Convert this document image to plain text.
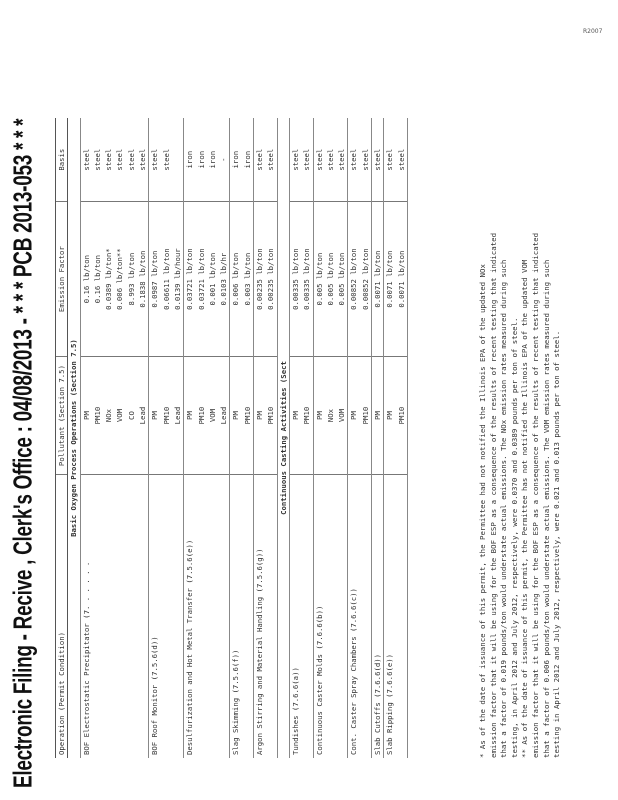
R2007
Electronic Filing - Recive , Clerk's Office : 04/08/2013 - * * * PCB 2013-053 * * *	Operation (Permit Condition)	Pollutant (Section 7.5)	Emission Factor	Basis
Basic Oxygen Process Operations (Section 7.5)			
BOF Electrostatic Precipitator (7. . . . . .	PM	0.16 lb/ton	steel
	PM10	0.16 lb/ton	steel
	NOx	0.0389 lb/ton*	steel
	VOM	0.006 lb/ton**	steel
	CO	8.993 lb/ton	steel
	Lead	0.1838 lb/ton	steel
BOF Roof Monitor (7.5.6(d))	PM	0.0987 lb/ton	steel
	PM10	0.06611 lb/ton	steel
	Lead	0.0139 lb/hour	
Desulfurization and Hot Metal Transfer (7.5.6(e))	PM	0.03721 lb/ton	iron
	PM10	0.03721 lb/ton	iron
	VOM	0.001 lb/ton	iron
	Lead	0.0103 lb/hr	-
Slag Skimming (7.5.6(f))	PM	0.006 lb/ton	iron
	PM10	0.003 lb/ton	iron
Argon Stirring and Material Handling (7.5.6(g))	PM	0.00235 lb/ton	steel
	PM10	0.00235 lb/ton	steel
Continuous Casting Activities (Sect			
Tundishes (7.6.6(a))	PM	0.00335 lb/ton	steel
	PM10	0.00335 lb/ton	steel
Continuous Caster Molds (7.6.6(b))	PM	0.005 lb/ton	steel
	NOx	0.005 lb/ton	steel
	VOM	0.005 lb/ton	steel
Cont. Caster Spray Chambers (7.6.6(c))	PM	0.00852 lb/ton	steel
	PM10	0.00852 lb/ton	steel
Slab Cutoffs (7.6.6(d))	PM	0.0071 lb/ton	steel
Slab Ripping (7.6.6(e))	PM	0.0071 lb/ton	steel
	PM10	0.0071 lb/ton	steel
* As of the date of issuance of this permit, the Permittee had not notified the Illinois EPA of the updated NOx
emission factor that it will be using for the BOF ESP as a consequence of the results of recent testing that indicated
that a factor of 0.019 pounds/ton would understate actual emissions. The NOx emission rates measured during such
testing, in April 2012 and July 2012, respectively, were 0.0370 and 0.0389 pounds per ton of steel.
** As of the date of issuance of this permit, the Permittee has not notified the Illinois EPA of the updated VOM
emission factor that it will be using for the BOF ESP as a consequence of the results of recent testing that indicated
that a factor of 0.006 pounds/ton would understate actual emissions. The VOM emission rates measured during such
testing in April 2012 and July 2012, respectively, were 0.021 and 0.013 pounds per ton of steel.
